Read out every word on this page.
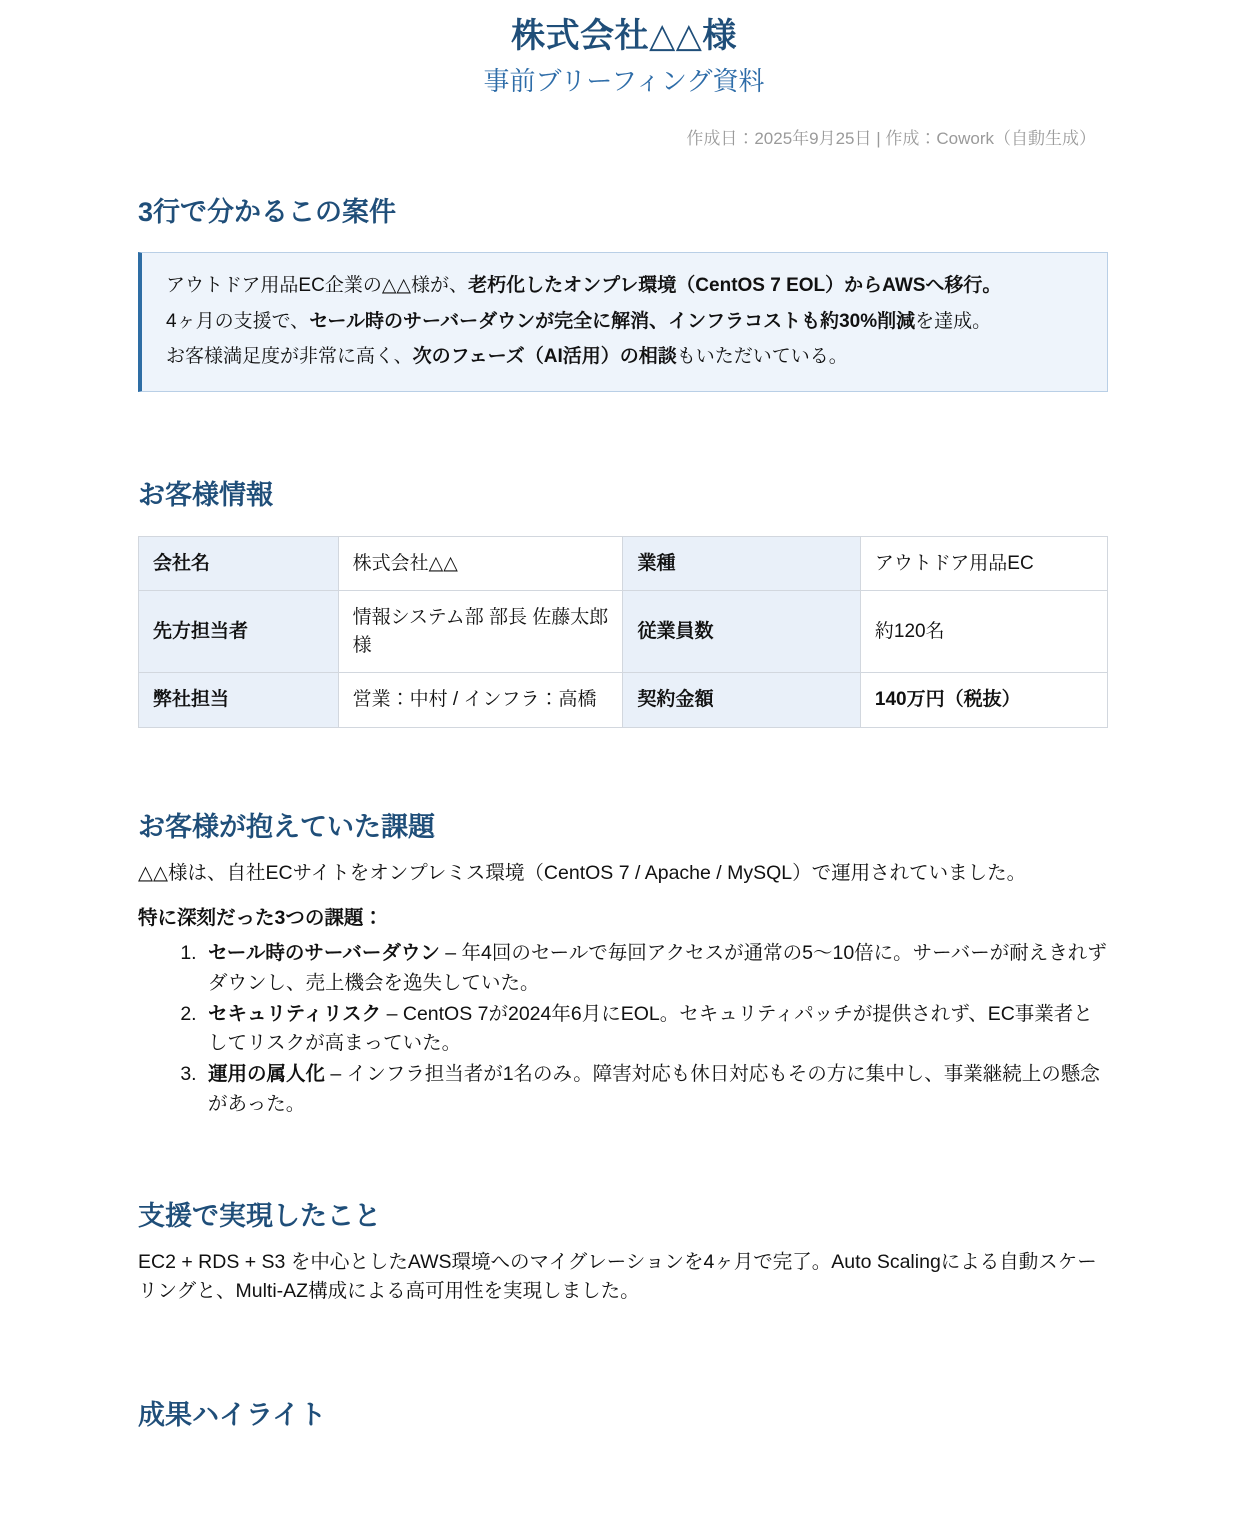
株式会社△△様
事前ブリーフィング資料
作成日：2025年9月25日 | 作成：Cowork（自動生成）
3行で分かるこの案件

アウトドア用品EC企業の△△様が、老朽化したオンプレ環境（CentOS 7 EOL）からAWSへ移行。

4ヶ月の支援で、セール時のサーバーダウンが完全に解消、インフラコストも約30%削減を達成。

お客様満足度が非常に高く、次のフェーズ（AI活用）の相談もいただいている。

お客様情報
会社名	株式会社△△	業種	アウトドア用品EC
先方担当者	情報システム部 部長 佐藤太郎 様	従業員数	約120名
弊社担当	営業：中村 / インフラ：高橋	契約金額	140万円（税抜）
お客様が抱えていた課題

△△様は、自社ECサイトをオンプレミス環境（CentOS 7 / Apache / MySQL）で運用されていました。

特に深刻だった3つの課題：

1. セール時のサーバーダウン – 年4回のセールで毎回アクセスが通常の5〜10倍に。サーバーが耐えきれずダウンし、売上機会を逸失していた。
2. セキュリティリスク – CentOS 7が2024年6月にEOL。セキュリティパッチが提供されず、EC事業者としてリスクが高まっていた。
3. 運用の属人化 – インフラ担当者が1名のみ。障害対応も休日対応もその方に集中し、事業継続上の懸念があった。
支援で実現したこと

EC2 + RDS + S3 を中心としたAWS環境へのマイグレーションを4ヶ月で完了。Auto Scalingによる自動スケーリングと、Multi-AZ構成による高可用性を実現しました。

成果ハイライト
